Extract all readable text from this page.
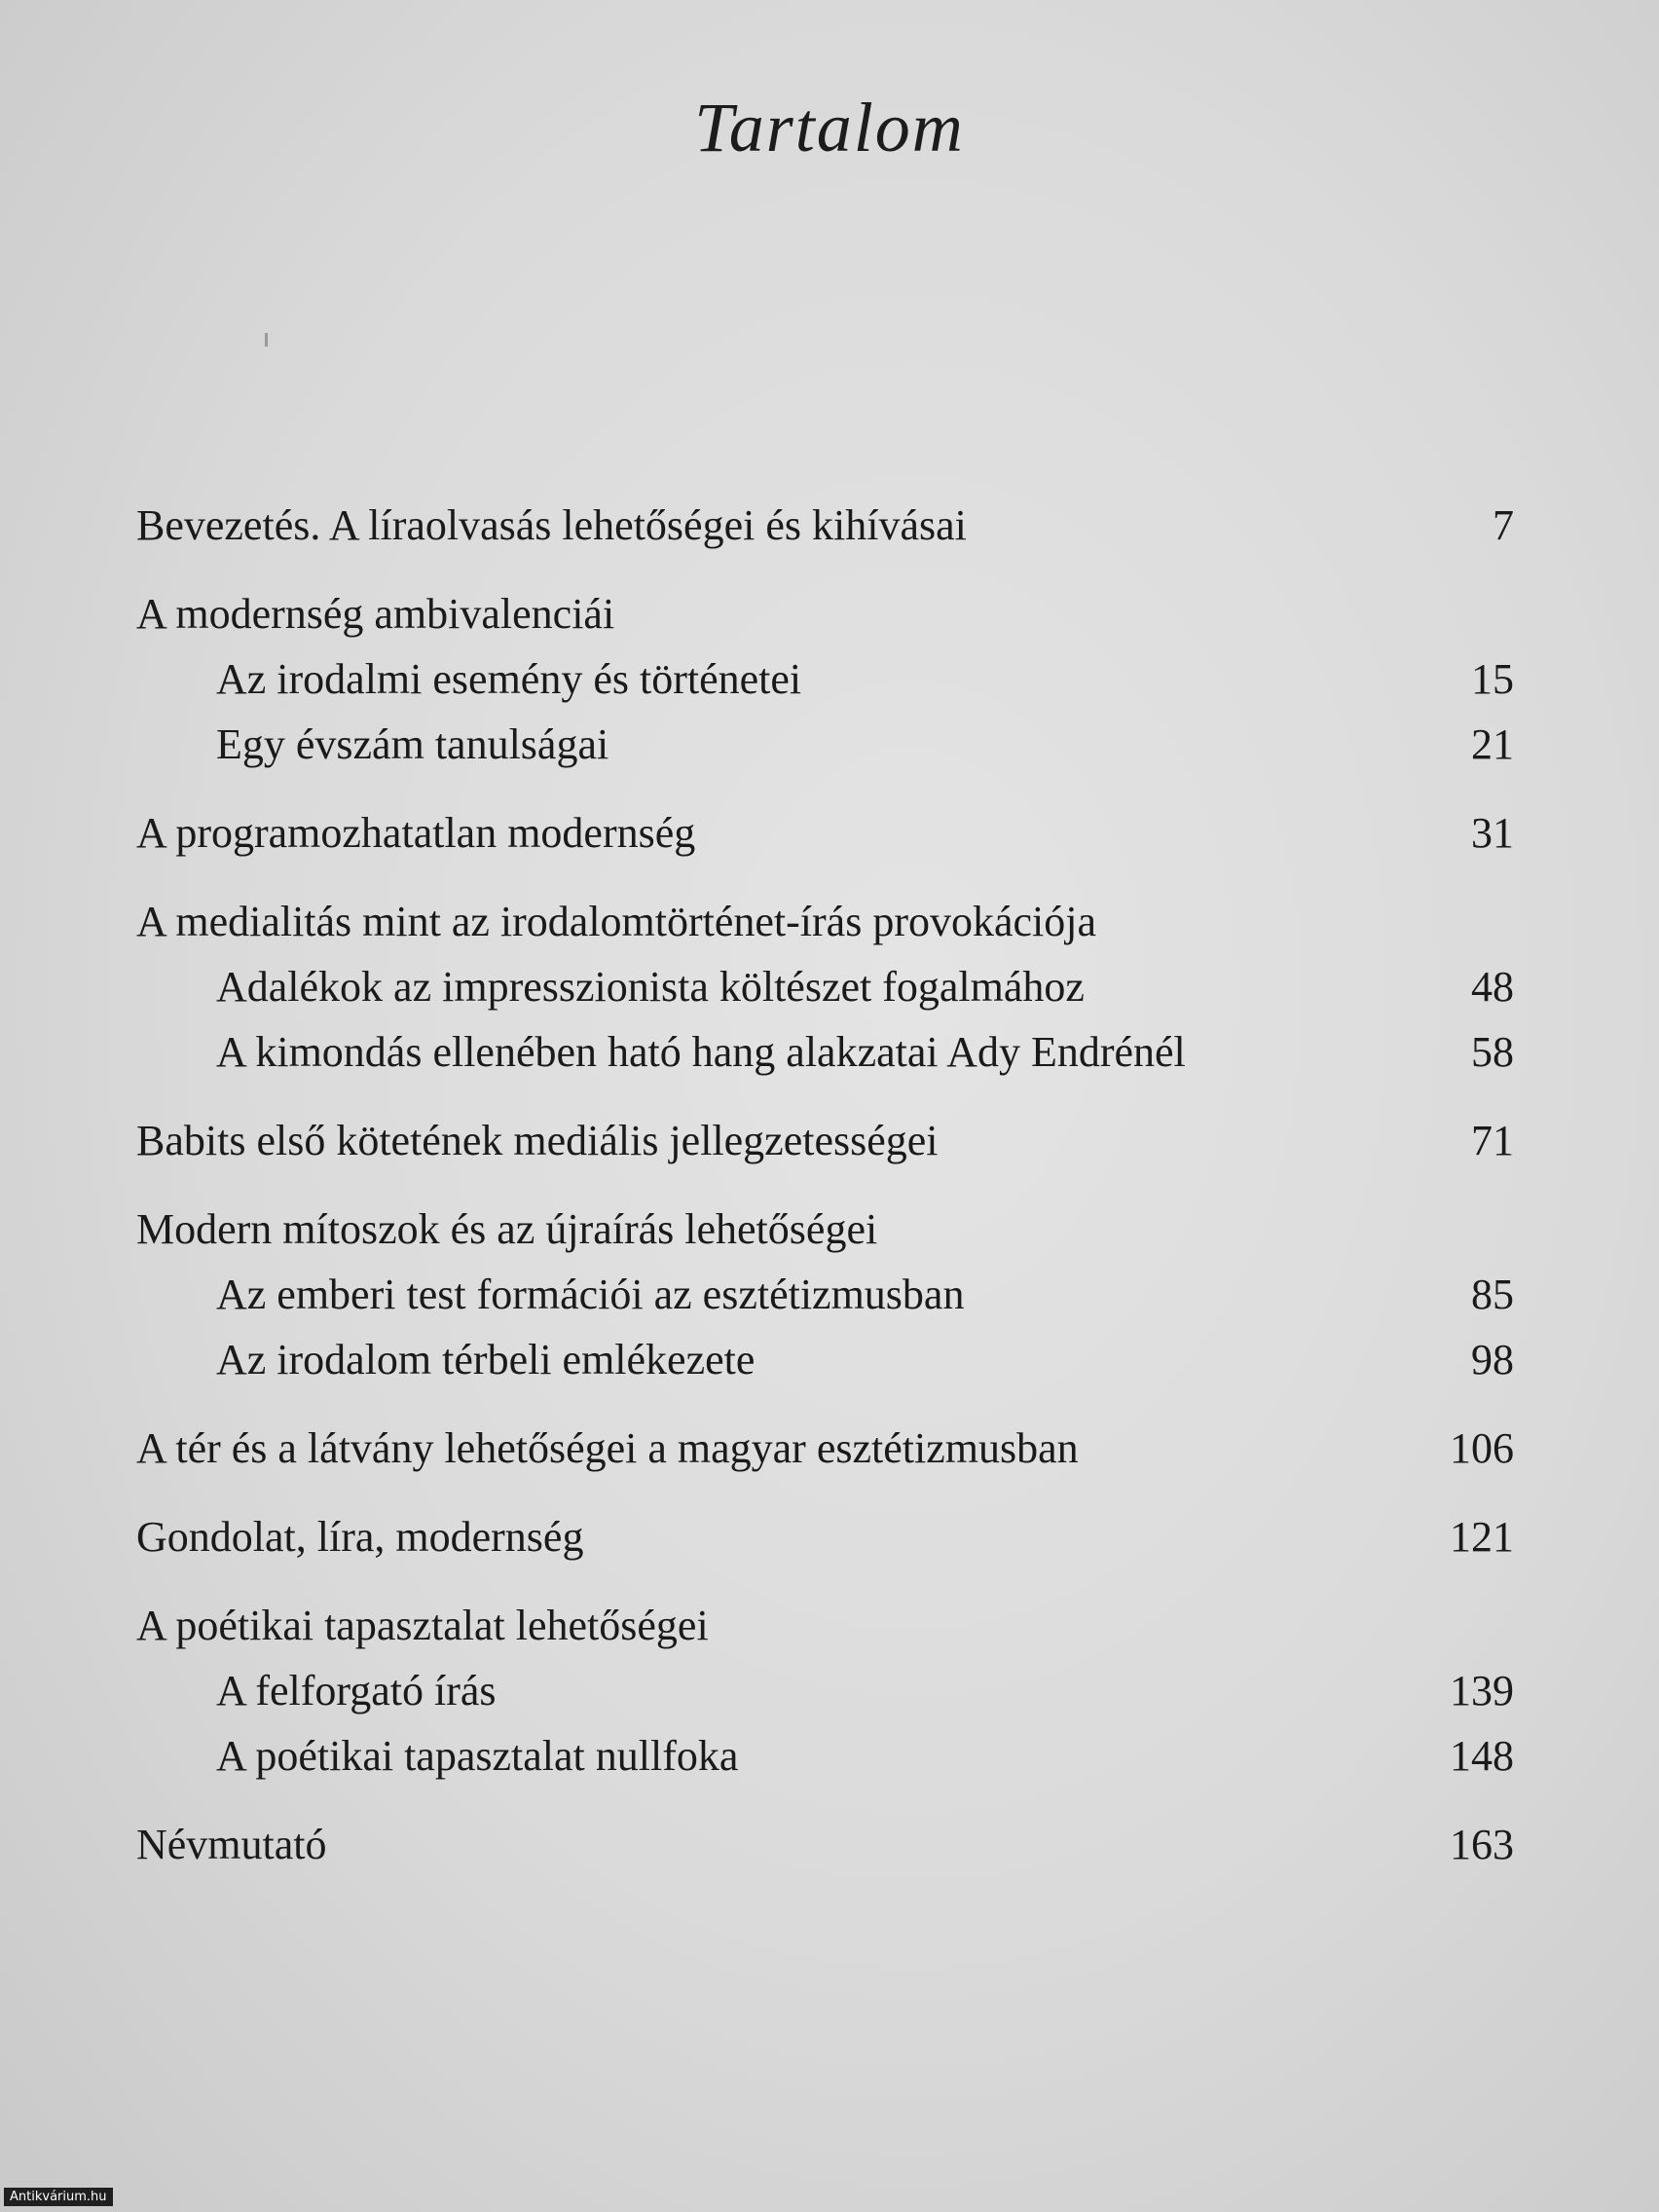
Tartalom
Bevezetés. A líraolvasás lehetőségei és kihívásai	7
A modernség ambivalenciái
Az irodalmi esemény és történetei	15
Egy évszám tanulságai	21
A programozhatatlan modernség	31
A medialitás mint az irodalomtörténet-írás provokációja
Adalékok az impresszionista költészet fogalmához	48
A kimondás ellenében ható hang alakzatai Ady Endrénél	58
Babits első kötetének mediális jellegzetességei	71
Modern mítoszok és az újraírás lehetőségei
Az emberi test formációi az esztétizmusban	85
Az irodalom térbeli emlékezete	98
A tér és a látvány lehetőségei a magyar esztétizmusban	106
Gondolat, líra, modernség	121
A poétikai tapasztalat lehetőségei
A felforgató írás	139
A poétikai tapasztalat nullfoka	148
Névmutató	163
Antikvárium.hu
